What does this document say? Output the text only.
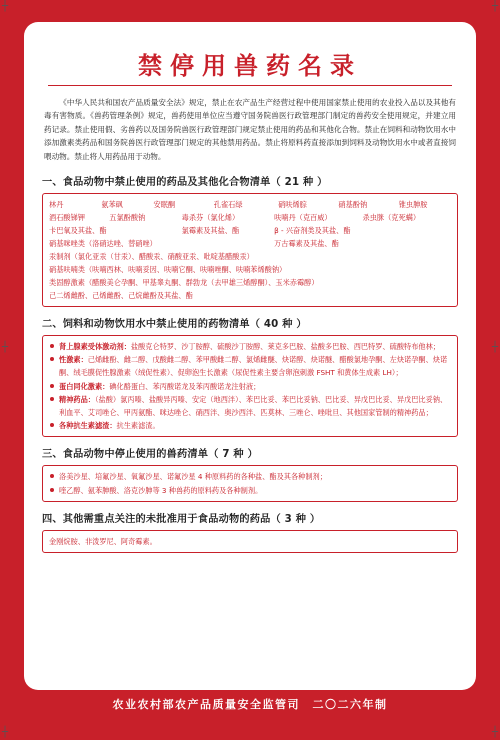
┼	┼
┼	┼
┼	┼
禁停用兽药名录

《中华人民共和国农产品质量安全法》规定，禁止在农产品生产经营过程中使用国家禁止使用的农业投入品以及其他有毒有害物质。《兽药管理条例》规定，兽药使用单位应当遵守国务院兽医行政管理部门制定的兽药安全使用规定，并建立用药记录。禁止使用假、劣兽药以及国务院兽医行政管理部门规定禁止使用的药品和其他化合物。禁止在饲料和动物饮用水中添加激素类药品和国务院兽医行政管理部门规定的其他禁用药品。禁止将原料药直接添加到饲料及动物饮用水中或者直接饲喂动物。禁止将人用药品用于动物。

一、食品动物中禁止使用的药品及其他化合物清单（ 21 种 ）
林丹	氨苯砜	安眠酮	孔雀石绿	硝呋烯腙	硝基酚钠	锥虫胂胺
酒石酸锑钾	五氯酚酸钠	毒杀芬（氯化烯）	呋喃丹（克百威）	杀虫脒（克死螨）
卡巴氧及其盐、酯	氯霉素及其盐、酯	β - 兴奋剂类及其盐、酯
硝基咪唑类（洛硝达唑、替硝唑）	万古霉素及其盐、酯
汞制剂（氯化亚汞（甘汞）、醋酸汞、硝酸亚汞、吡啶基醋酸汞）
硝基呋喃类（呋喃西林、呋喃妥因、呋喃它酮、呋喃唑酮、呋喃苯烯酸钠）
类固醇激素（醋酸美仑孕酮、甲基睾丸酮、群勃龙（去甲雄三烯醇酮）、玉米赤霉醇）
己二烯雌酚、己烯雌酚、己烷雌酚及其盐、酯
二、饲料和动物饮用水中禁止使用的药物清单（ 40 种 ）
肾上腺素受体激动剂：盐酸克仑特罗、沙丁胺醇、硫酸沙丁胺醇、莱克多巴胺、盐酸多巴胺、西巴特罗、硫酸特布他林；
性激素：己烯雌酚、雌二醇、戊酸雌二醇、苯甲酸雌二醇、氯烯雌醚、炔诺醇、炔诺醚、醋酸氯地孕酮、左炔诺孕酮、炔诺酮、绒毛膜促性腺激素（绒促性素）、促卵泡生长激素（尿促性素主要含卵泡刺激 FSHT 和黄体生成素 LH）；
蛋白同化激素：碘化酪蛋白、苯丙酸诺龙及苯丙酸诺龙注射液；
精神药品：（盐酸）氯丙嗪、盐酸异丙嗪、安定（地西泮）、苯巴比妥、苯巴比妥钠、巴比妥、异戊巴比妥、异戊巴比妥钠、利血平、艾司唑仑、甲丙氨酯、咪达唑仑、硝西泮、奥沙西泮、匹莫林、三唑仑、唑吡旦、其他国家管制的精神药品；
各种抗生素滤渣：抗生素滤渣。
三、食品动物中停止使用的兽药清单（ 7 种 ）
洛美沙星、培氟沙星、氧氟沙星、诺氟沙星 4 种原料药的各种盐、酯及其各种制剂；
喹乙醇、氨苯胂酸、洛克沙胂等 3 种兽药的原料药及各种制剂。
四、其他需重点关注的未批准用于食品动物的药品（ 3 种 ）
金刚烷胺、非泼罗尼、阿奇霉素。
农业农村部农产品质量安全监管司　二〇二六年制
